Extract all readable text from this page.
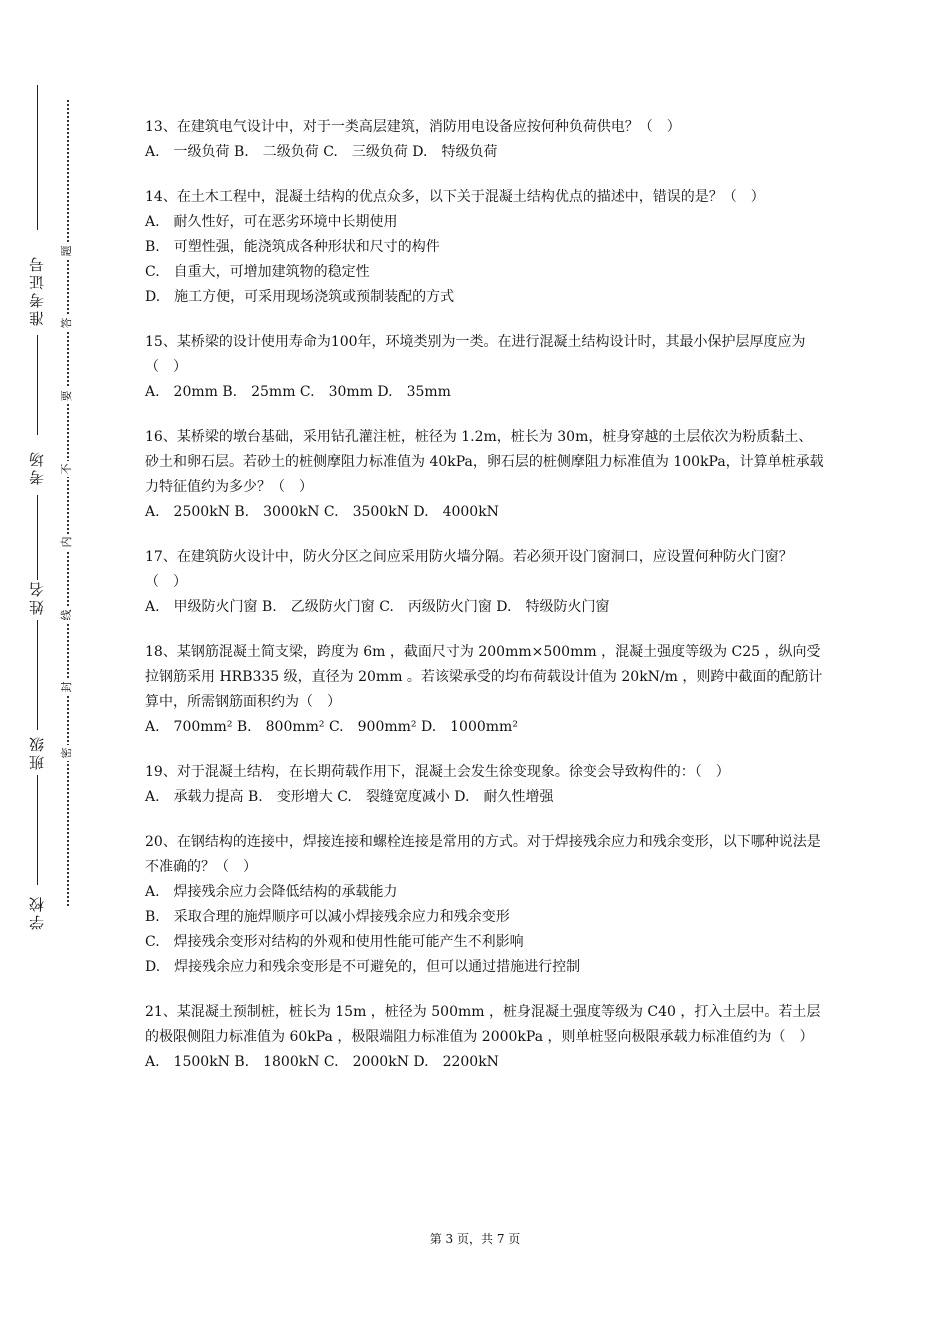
准考证号
考场
姓名
班级
学校
题
答
要
不
内
线
封
密

13、在建筑电气设计中，对于一类高层建筑，消防用电设备应按何种负荷供电？（　）

A.　一级负荷 B.　二级负荷 C.　三级负荷 D.　特级负荷

14、在土木工程中，混凝土结构的优点众多，以下关于混凝土结构优点的描述中，错误的是？（　）

A.　耐久性好，可在恶劣环境中长期使用

B.　可塑性强，能浇筑成各种形状和尺寸的构件

C.　自重大，可增加建筑物的稳定性

D.　施工方便，可采用现场浇筑或预制装配的方式

15、某桥梁的设计使用寿命为100年，环境类别为一类。在进行混凝土结构设计时，其最小保护层厚度应为（　）

A.　20mm B.　25mm C.　30mm D.　35mm

16、某桥梁的墩台基础，采用钻孔灌注桩，桩径为 1.2m，桩长为 30m，桩身穿越的土层依次为粉质黏土、砂土和卵石层。若砂土的桩侧摩阻力标准值为 40kPa，卵石层的桩侧摩阻力标准值为 100kPa，计算单桩承载力特征值约为多少？（　）

A.　2500kN B.　3000kN C.　3500kN D.　4000kN

17、在建筑防火设计中，防火分区之间应采用防火墙分隔。若必须开设门窗洞口，应设置何种防火门窗？（　）

A.　甲级防火门窗 B.　乙级防火门窗 C.　丙级防火门窗 D.　特级防火门窗

18、某钢筋混凝土简支梁，跨度为 6m ，截面尺寸为 200mm×500mm ，混凝土强度等级为 C25 ，纵向受拉钢筋采用 HRB335 级，直径为 20mm 。若该梁承受的均布荷载设计值为 20kN/m ，则跨中截面的配筋计算中，所需钢筋面积约为（　）

A.　700mm² B.　800mm² C.　900mm² D.　1000mm²

19、对于混凝土结构，在长期荷载作用下，混凝土会发生徐变现象。徐变会导致构件的：（　）

A.　承载力提高 B.　变形增大 C.　裂缝宽度减小 D.　耐久性增强

20、在钢结构的连接中，焊接连接和螺栓连接是常用的方式。对于焊接残余应力和残余变形，以下哪种说法是不准确的？（　）

A.　焊接残余应力会降低结构的承载能力

B.　采取合理的施焊顺序可以减小焊接残余应力和残余变形

C.　焊接残余变形对结构的外观和使用性能可能产生不利影响

D.　焊接残余应力和残余变形是不可避免的，但可以通过措施进行控制

21、某混凝土预制桩，桩长为 15m ，桩径为 500mm ，桩身混凝土强度等级为 C40 ，打入土层中。若土层的极限侧阻力标准值为 60kPa ，极限端阻力标准值为 2000kPa ，则单桩竖向极限承载力标准值约为（　）

A.　1500kN B.　1800kN C.　2000kN D.　2200kN

第 3 页，共 7 页
